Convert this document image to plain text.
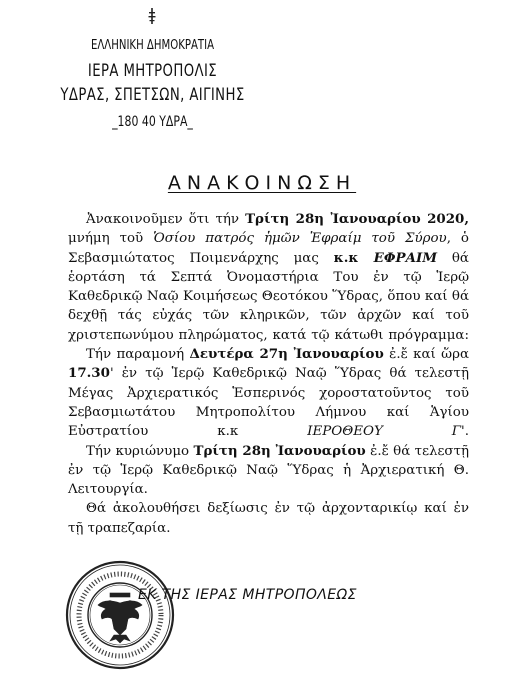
ΕΛΛΗΝΙΚΗ ΔΗΜΟΚΡΑΤΙΑ
ΙΕΡΑ ΜΗΤΡΟΠΟΛΙΣ
ΥΔΡΑΣ, ΣΠΕΤΣΩΝ, ΑΙΓΙΝΗΣ
_180 40 ΥΔΡΑ_
ΑΝΑΚΟΙΝΩΣΗ

Ἀνακοινοῦμεν ὅτι τήν Τρίτη 28η Ἰανουαρίου 2020, μνήμη τοῦ Ὁσίου πατρός ἡμῶν Ἐφραίμ τοῦ Σύρου, ὁ Σεβασμιώτατος Ποιμενάρχης μας κ.κ ΕΦΡΑΙΜ θά ἑορτάση τά Σεπτά Ὀνομαστήρια Του ἐν τῷ Ἱερῷ Καθεδρικῷ Ναῷ Κοιμήσεως Θεοτόκου Ὕδρας, ὅπου καί θά δεχθῇ τάς εὐχάς τῶν κληρικῶν, τῶν ἀρχῶν καί τοῦ χριστεπωνύμου πληρώματος, κατά τῷ κάτωθι πρόγραμμα:

Τήν παραμονή Δευτέρα 27η Ἰανουαρίου ἐ.ἔ καί ὥρα 17.30' ἐν τῷ Ἱερῷ Καθεδρικῷ Ναῷ Ὕδρας θά τελεστῇ Μέγας Ἀρχιερατικός Ἑσπερινός χοροστατοῦντος τοῦ Σεβασμιωτάτου Μητροπολίτου Λήμνου καί Ἁγίου Εὐστρατίου κ.κ ΙΕΡΟΘΕΟΥ Γ'.

Τήν κυριώνυμο Τρίτη 28η Ἰανουαρίου ἐ.ἔ θά τελεστῇ ἐν τῷ Ἱερῷ Καθεδρικῷ Ναῷ Ὕδρας ἡ Ἀρχιερατική Θ. Λειτουργία.

Θά ἀκολουθήσει δεξίωσις ἐν τῷ ἀρχονταρικίῳ καί ἐν τῇ τραπεζαρία.

ΕΚ ΤΗΣ ΙΕΡΑΣ ΜΗΤΡΟΠΟΛΕΩΣ
